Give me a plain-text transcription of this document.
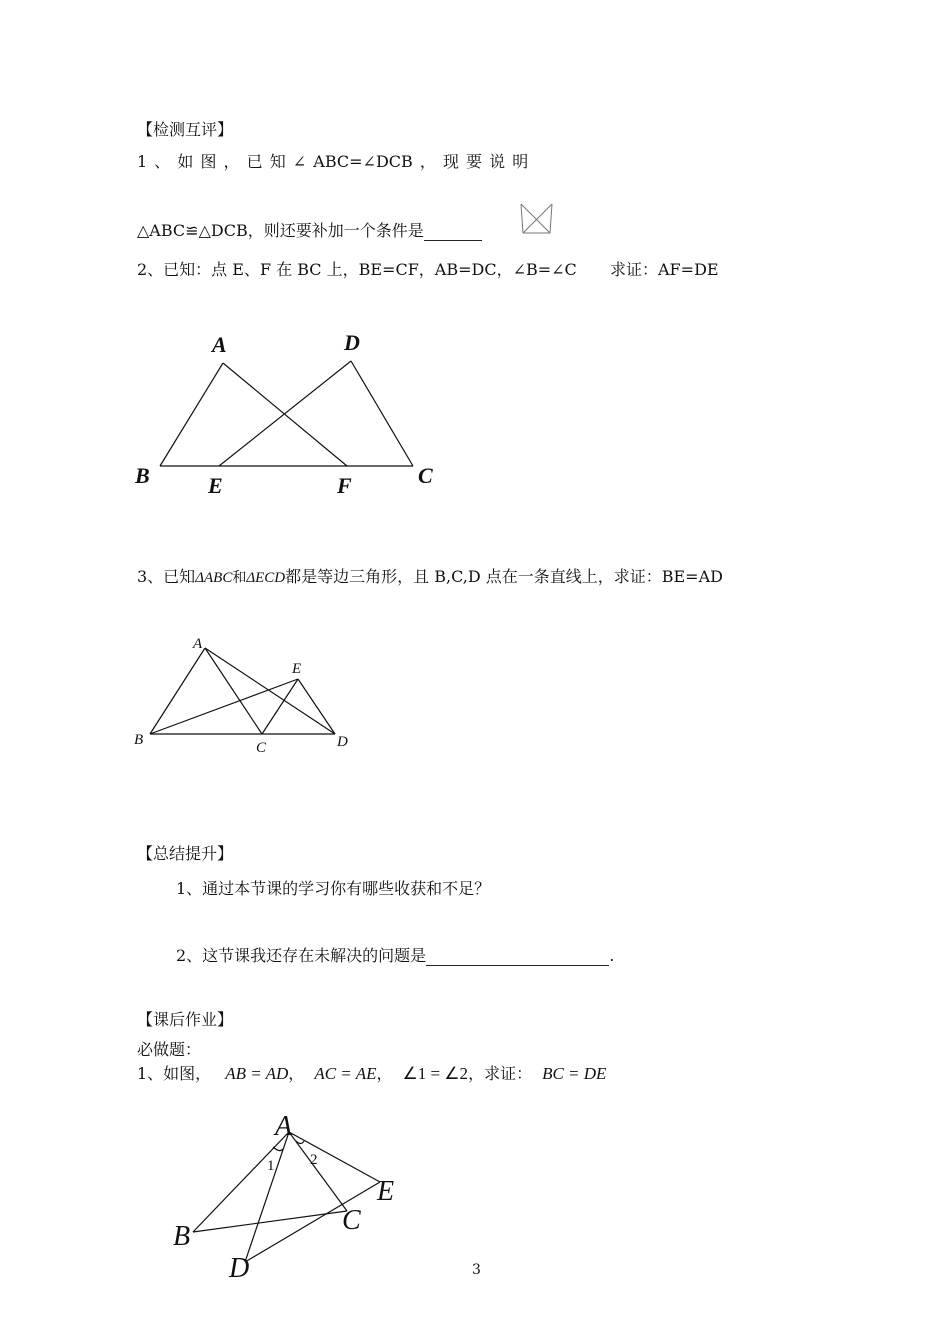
【检测互评】
1 、 如 图 ， 已 知 ∠ ABC=∠DCB ， 现 要 说 明
△ABC≌△DCB，则还要补加一个条件是
2、已知：点 E、F 在 BC 上，BE=CF，AB=DC，∠B=∠C 求证：AF=DE
A	D
B	E	F	C
3、已知ΔABC和ΔECD都是等边三角形，且 B,C,D 点在一条直线上，求证：BE=AD
A
E
B	C	D
【总结提升】
1、通过本节课的学习你有哪些收获和不足？
2、这节课我还存在未解决的问题是	.
【课后作业】
必做题：
1、如图， AB = AD， AC = AE， ∠1 = ∠2，求证： BC = DE
A
E
C
B
D
1 2
3
